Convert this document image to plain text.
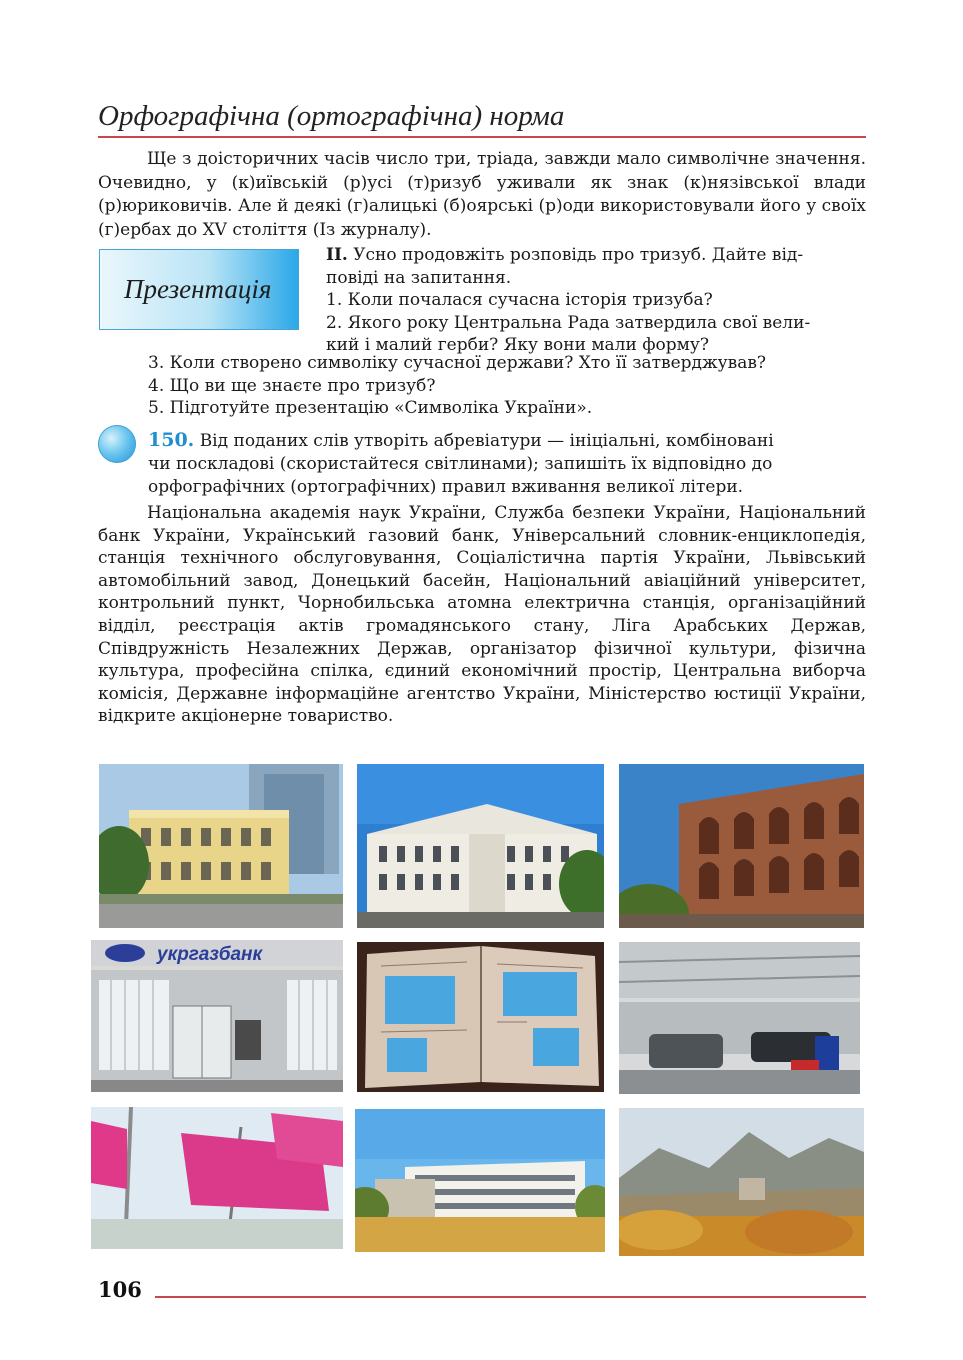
Орфографічна (ортографічна) норма
Ще з доісторичних часів число три, тріада, завжди мало символічне значення. Очевидно, у (к)иївській (р)усі (т)ризуб уживали як знак (к)нязівської влади (р)юриковичів. Але й деякі (г)алицькі (б)оярські (р)оди використовували його у своїх (г)ербах до XV століття (Із журналу).
Презентація
II. Усно продовжіть розповідь про тризуб. Дайте від-
повіді на запитання.
1. Коли почалася сучасна історія тризуба?
2. Якого року Центральна Рада затвердила свої вели-
кий і малий герби? Яку вони мали форму?
3. Коли створено символіку сучасної держави? Хто її затверджував?
4. Що ви ще знаєте про тризуб?
5. Підготуйте презентацію «Символіка України».
150. Від поданих слів утворіть абревіатури — ініціальні, комбіновані
чи поскладові (скористайтеся світлинами); запишіть їх відповідно до
орфографічних (ортографічних) правил вживання великої літери.
Національна академія наук України, Служба безпеки України, Національний банк України, Український газовий банк, Універсальний словник-енциклопедія, станція технічного обслуговування, Соціалістична партія України, Львівський автомобільний завод, Донецький басейн, Національний авіаційний університет, контрольний пункт, Чорнобильська атомна електрична станція, організаційний відділ, реєстрація актів громадянського стану, Ліга Арабських Держав, Співдружність Незалежних Держав, організатор фізичної культури, фізична культура, професійна спілка, єдиний економічний простір, Центральна виборча комісія, Державне інформаційне агентство України, Міністерство юстиції України, відкрите акціонерне товариство.
укргазбанк
106
